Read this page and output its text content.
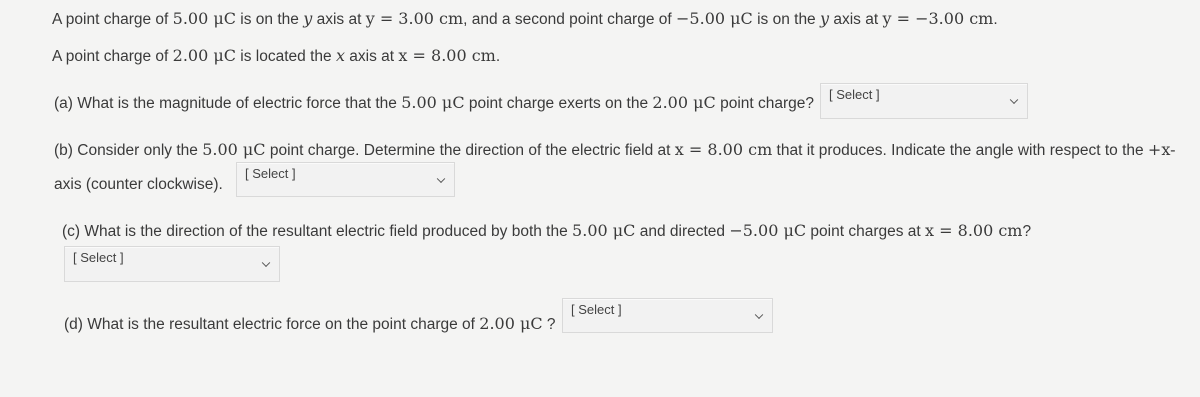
A point charge of 5.00 μC is on the y axis at y = 3.00 cm, and a second point charge of −5.00 μC is on the y axis at y = −3.00 cm.
A point charge of 2.00 μC is located the x axis at x = 8.00 cm.
(a) What is the magnitude of electric force that the 5.00 μC point charge exerts on the 2.00 μC point charge?
[ Select ]
(b) Consider only the 5.00 μC point charge. Determine the direction of the electric field at x = 8.00 cm that it produces. Indicate the angle with respect to the +x-
axis (counter clockwise).
[ Select ]
(c) What is the direction of the resultant electric field produced by both the 5.00 μC and directed −5.00 μC point charges at x = 8.00 cm?
[ Select ]
(d) What is the resultant electric force on the point charge of 2.00 μC ?
[ Select ]
